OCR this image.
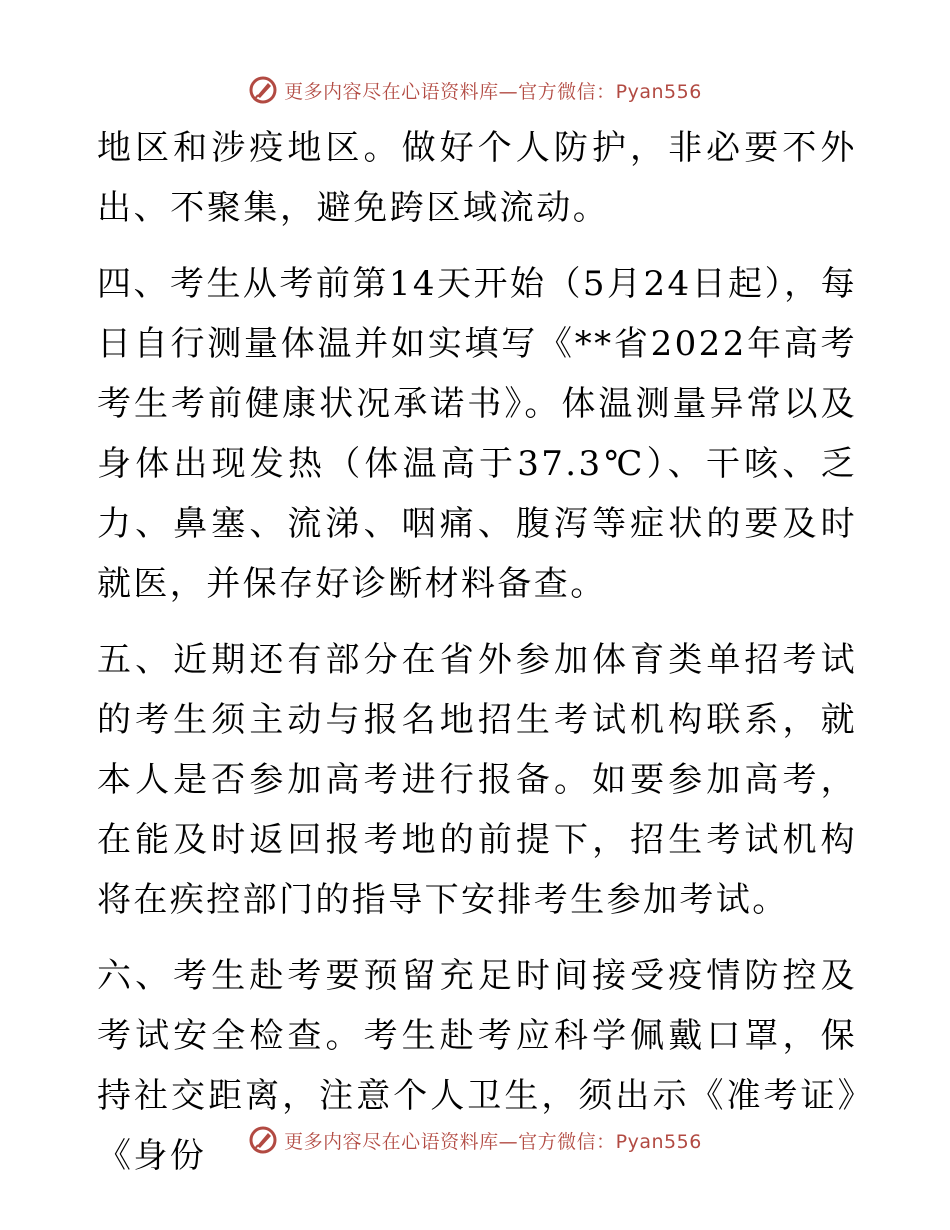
更多内容尽在心语资料库—官方微信：Pyan556

地区和涉疫地区。做好个人防护，非必要不外出、不聚集，避免跨区域流动。

四、考生从考前第14天开始（5月24日起），每日自行测量体温并如实填写《**省2022年高考考生考前健康状况承诺书》。体温测量异常以及身体出现发热（体温高于37.3℃）、干咳、乏力、鼻塞、流涕、咽痛、腹泻等症状的要及时就医，并保存好诊断材料备查。

五、近期还有部分在省外参加体育类单招考试的考生须主动与报名地招生考试机构联系，就本人是否参加高考进行报备。如要参加高考，在能及时返回报考地的前提下，招生考试机构将在疾控部门的指导下安排考生参加考试。

六、考生赴考要预留充足时间接受疫情防控及考试安全检查。考生赴考应科学佩戴口罩，保持社交距离，注意个人卫生，须出示《准考证》《身份	更多内容尽在心语资料库—官方微信：Pyan556
